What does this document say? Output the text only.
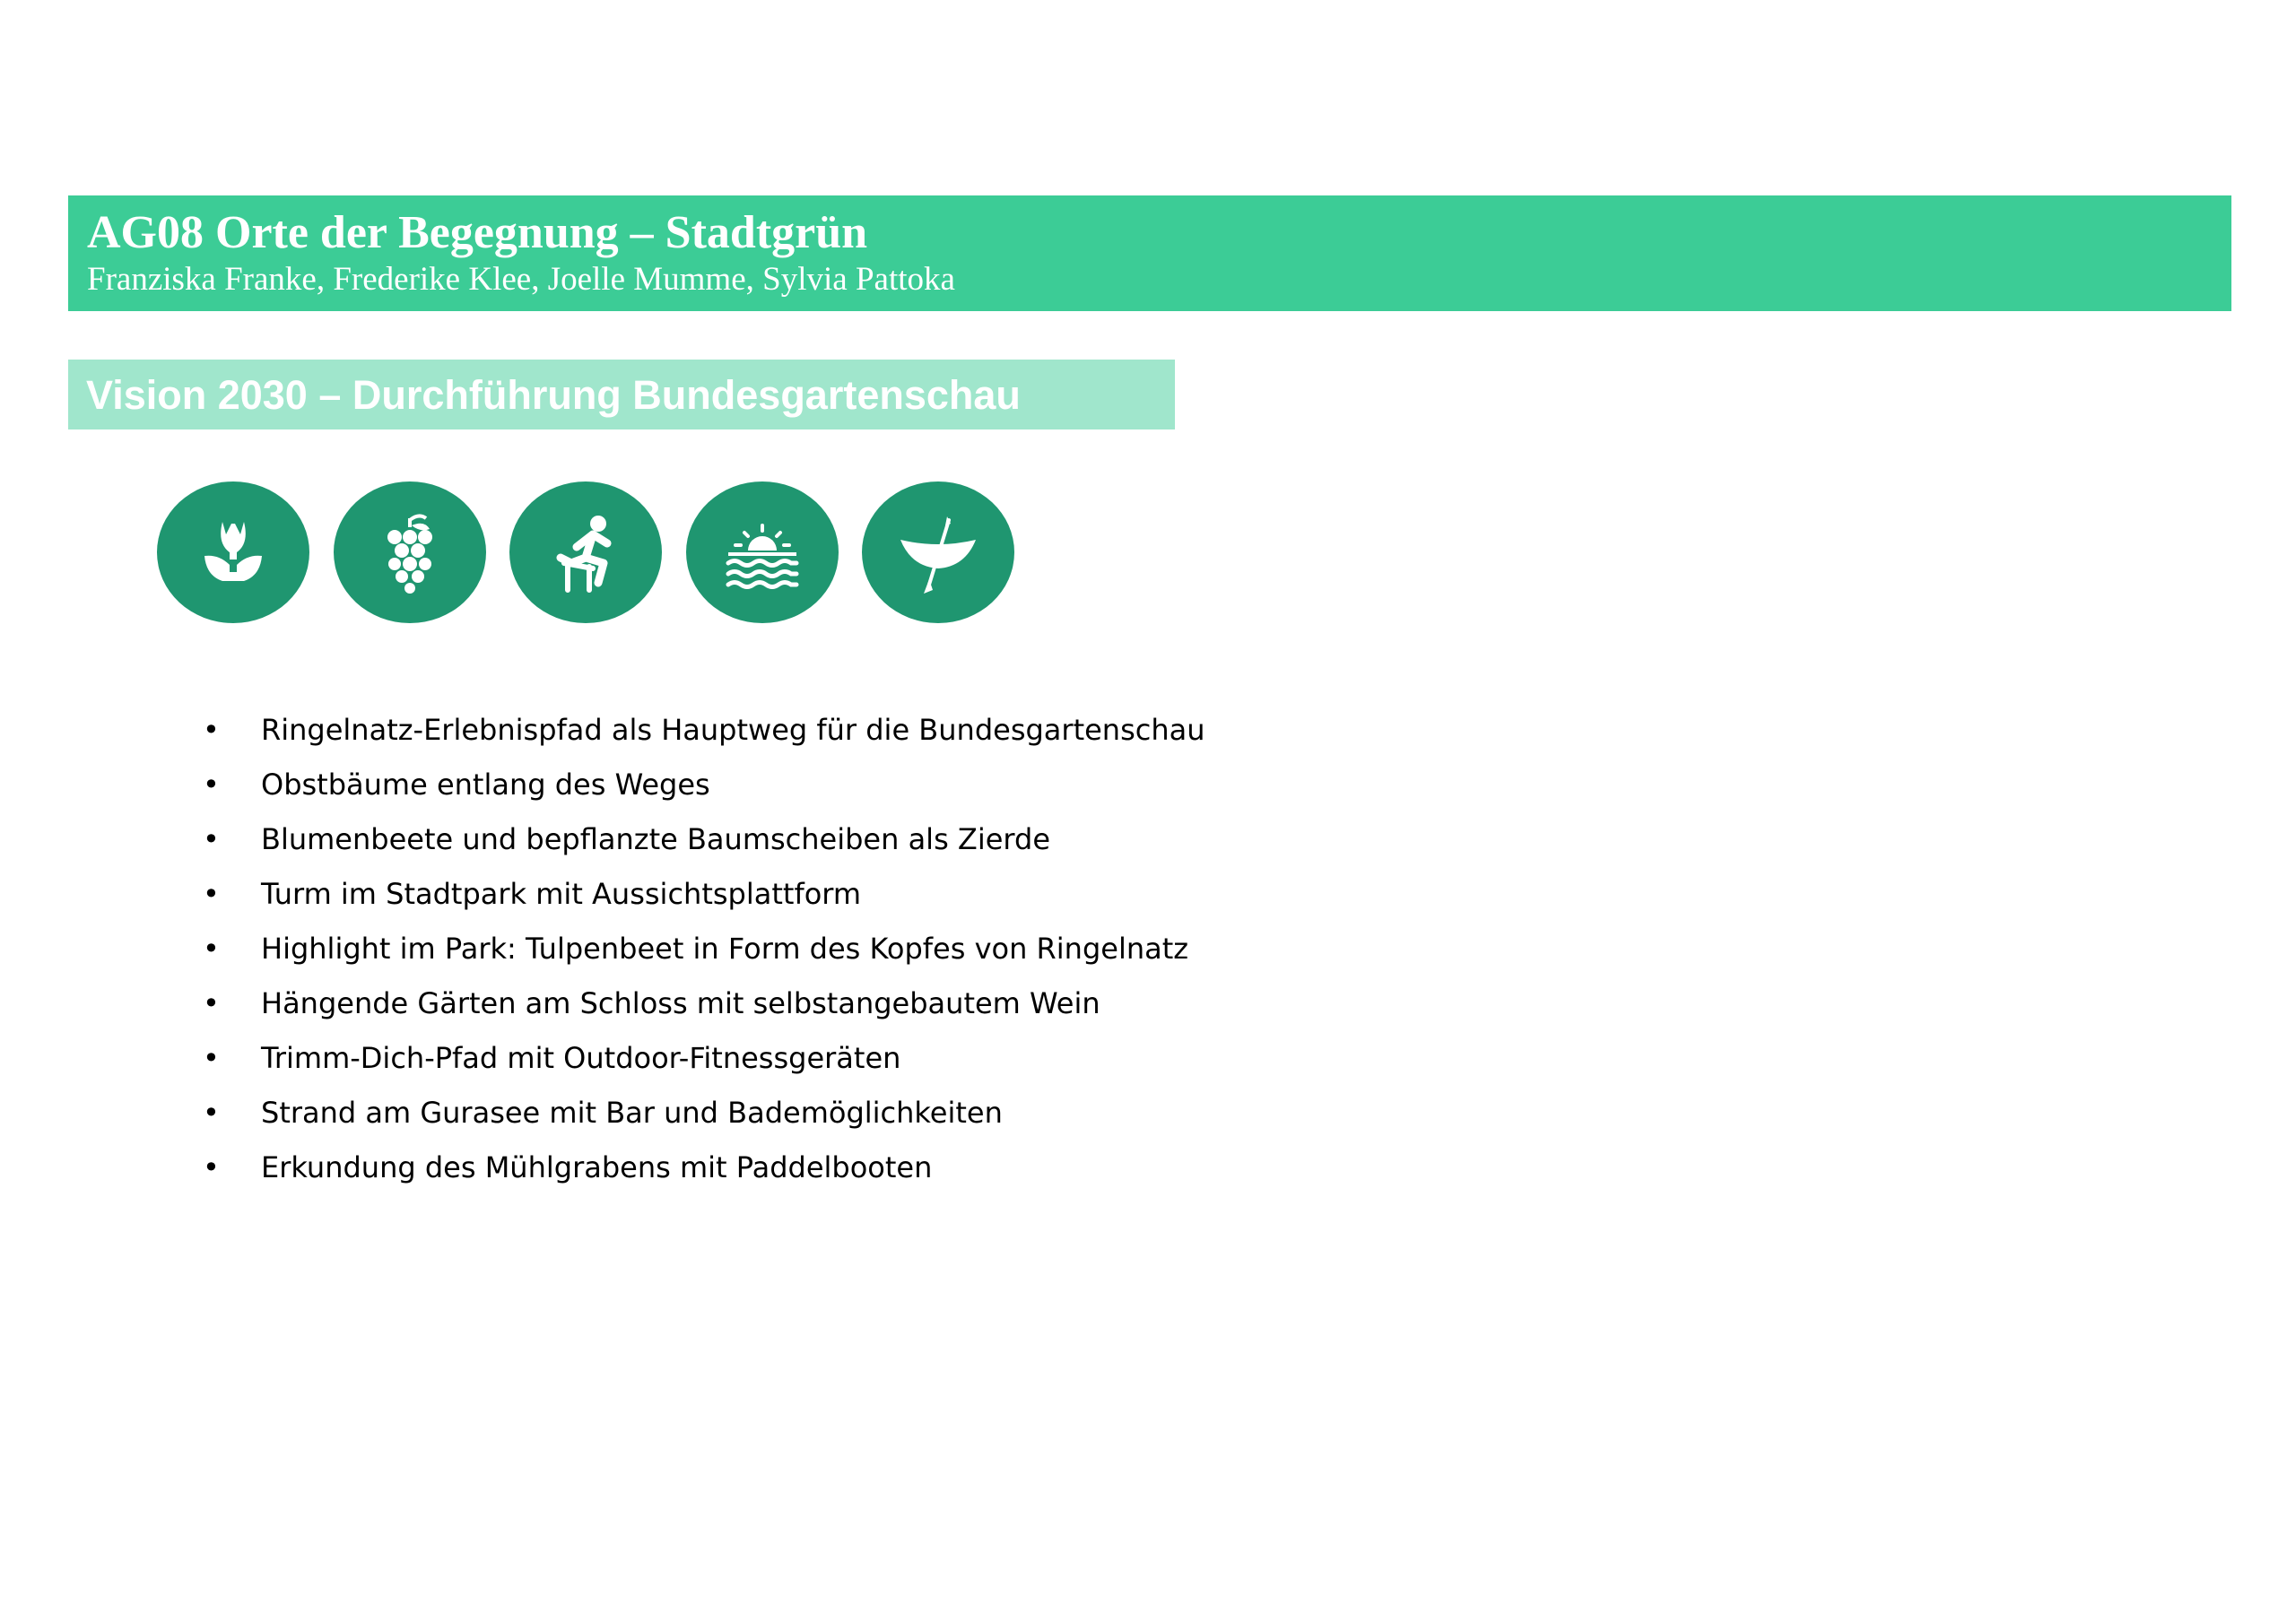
AG08 Orte der Begegnung – Stadtgrün

Franziska Franke, Frederike Klee, Joelle Mumme, Sylvia Pattoka

Vision 2030 – Durchführung Bundesgartenschau
• Ringelnatz-Erlebnispfad als Hauptweg für die Bundesgartenschau
• Obstbäume entlang des Weges
• Blumenbeete und bepflanzte Baumscheiben als Zierde
• Turm im Stadtpark mit Aussichtsplattform
• Highlight im Park: Tulpenbeet in Form des Kopfes von Ringelnatz
• Hängende Gärten am Schloss mit selbstangebautem Wein
• Trimm-Dich-Pfad mit Outdoor-Fitnessgeräten
• Strand am Gurasee mit Bar und Bademöglichkeiten
• Erkundung des Mühlgrabens mit Paddelbooten
